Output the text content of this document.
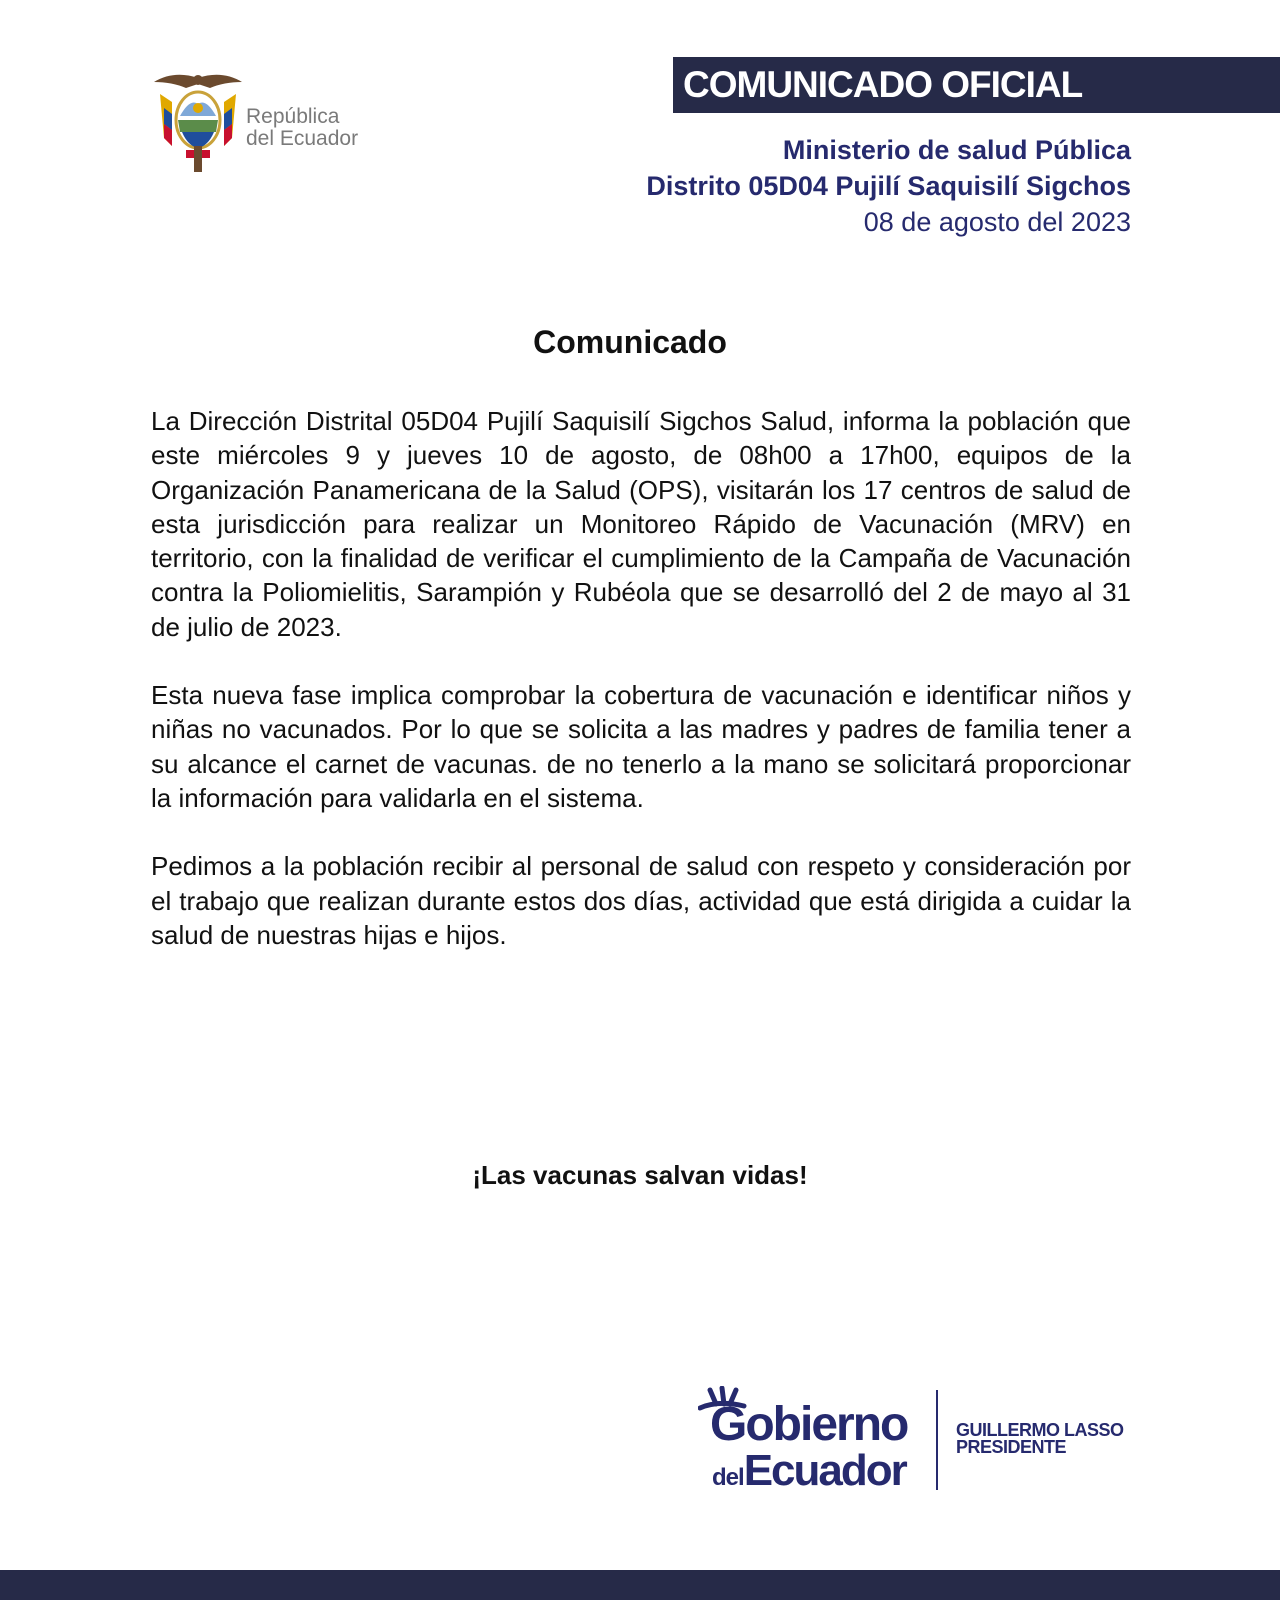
República
del Ecuador
COMUNICADO OFICIAL
Ministerio de salud Pública
Distrito 05D04 Pujilí Saquisilí Sigchos
08 de agosto del 2023
Comunicado

La Dirección Distrital 05D04 Pujilí Saquisilí Sigchos Salud, informa la población que este miércoles 9 y jueves 10 de agosto, de 08h00 a 17h00, equipos de la Organización Panamericana de la Salud (OPS), visitarán los 17 centros de salud de esta jurisdicción para realizar un Monitoreo Rápido de Vacunación (MRV) en territorio, con la finalidad de verificar el cumplimiento de la Campaña de Vacunación contra la Poliomielitis, Sarampión y Rubéola que se desarrolló del 2 de mayo al 31 de julio de 2023.

Esta nueva fase implica comprobar la cobertura de vacunación e identificar niños y niñas no vacunados. Por lo que se solicita a las madres y padres de familia tener a su alcance el carnet de vacunas. de no tenerlo a la mano se solicitará proporcionar la información para validarla en el sistema.

Pedimos a la población recibir al personal de salud con respeto y consideración por el trabajo que realizan durante estos dos días, actividad que está dirigida a cuidar la salud de nuestras hijas e hijos.

¡Las vacunas salvan vidas!
Gobierno
delEcuador
GUILLERMO LASSO
PRESIDENTE
